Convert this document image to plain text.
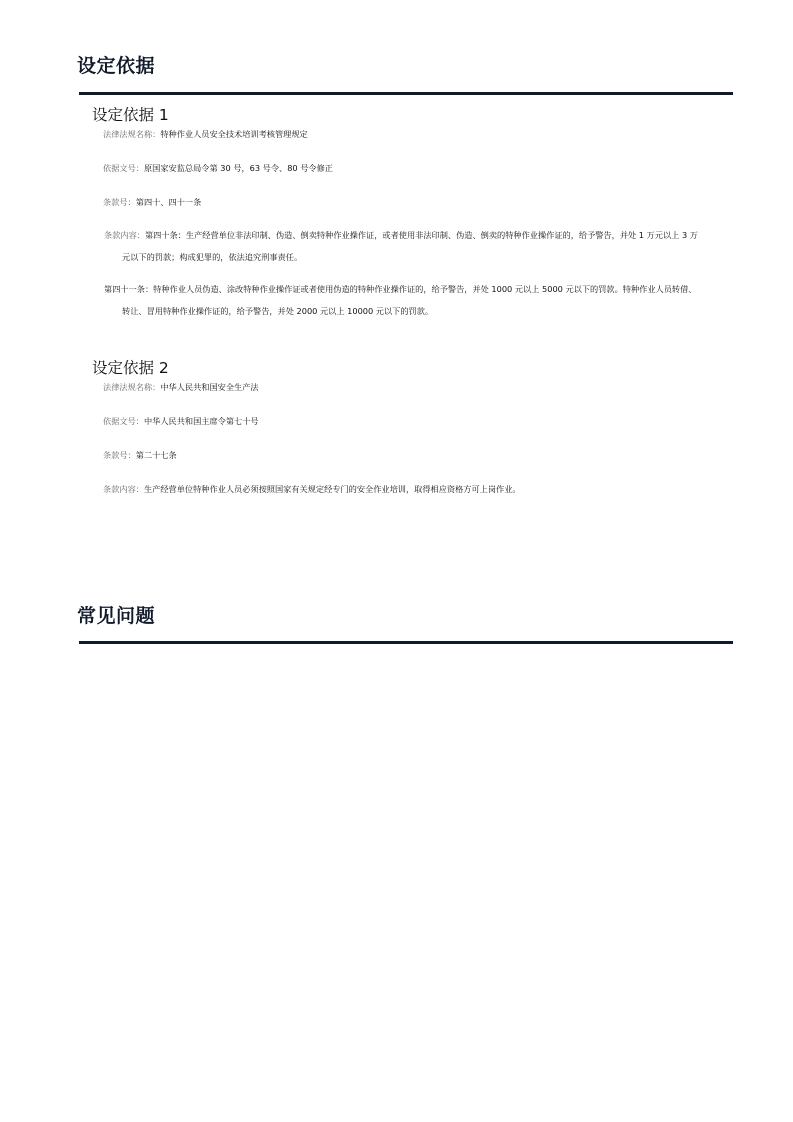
设定依据
设定依据 1

法律法规名称：特种作业人员安全技术培训考核管理规定

依据文号：原国家安监总局令第 30 号，63 号令、80 号令修正

条款号：第四十、四十一条

条款内容：第四十条：生产经营单位非法印制、伪造、倒卖特种作业操作证，或者使用非法印制、伪造、倒卖的特种作业操作证的，给予警告，并处 1 万元以上 3 万元以下的罚款；构成犯罪的，依法追究刑事责任。

第四十一条：特种作业人员伪造、涂改特种作业操作证或者使用伪造的特种作业操作证的，给予警告，并处 1000 元以上 5000 元以下的罚款。特种作业人员转借、转让、冒用特种作业操作证的，给予警告，并处 2000 元以上 10000 元以下的罚款。

设定依据 2

法律法规名称：中华人民共和国安全生产法

依据文号：中华人民共和国主席令第七十号

条款号：第二十七条

条款内容：生产经营单位特种作业人员必须按照国家有关规定经专门的安全作业培训，取得相应资格方可上岗作业。

常见问题
